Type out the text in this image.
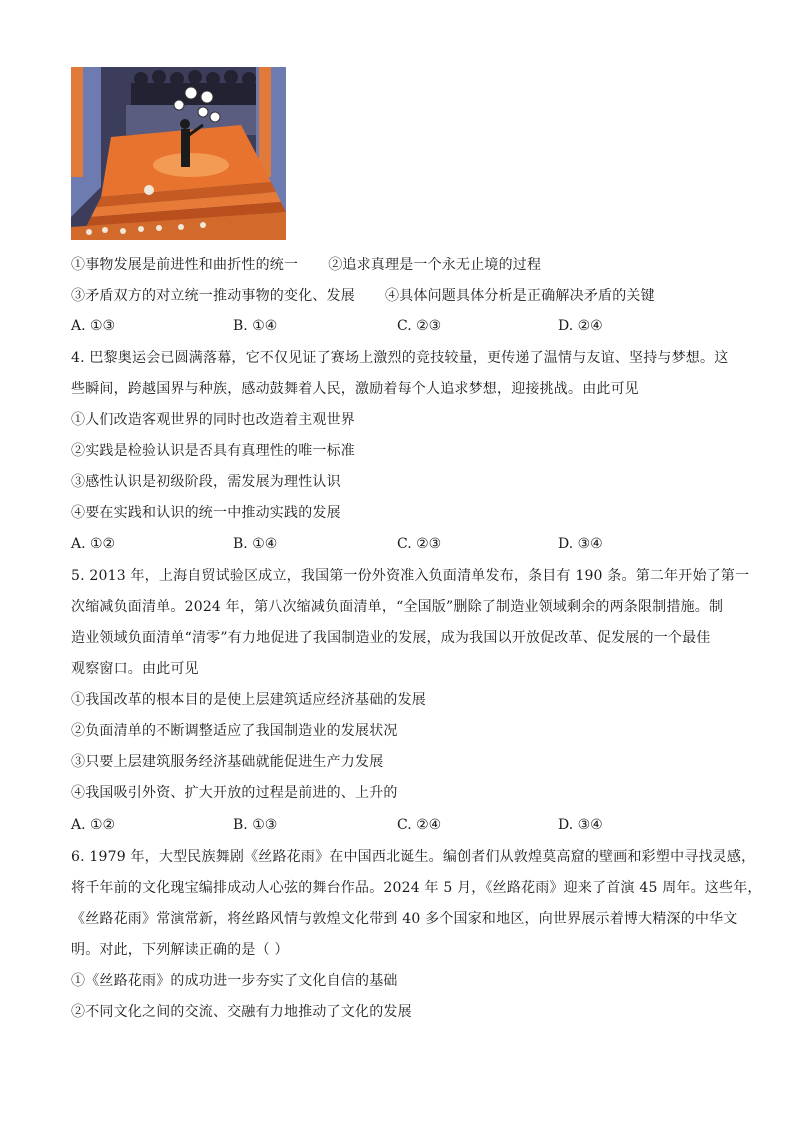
①事物发展是前进性和曲折性的统一 ②追求真理是一个永无止境的过程
③矛盾双方的对立统一推动事物的变化、发展 ④具体问题具体分析是正确解决矛盾的关键
A. ①③	B. ①④	C. ②③	D. ②④
4. 巴黎奥运会已圆满落幕，它不仅见证了赛场上激烈的竞技较量，更传递了温情与友谊、坚持与梦想。这
些瞬间，跨越国界与种族，感动鼓舞着人民，激励着每个人追求梦想，迎接挑战。由此可见
①人们改造客观世界的同时也改造着主观世界
②实践是检验认识是否具有真理性的唯一标准
③感性认识是初级阶段，需发展为理性认识
④要在实践和认识的统一中推动实践的发展
A. ①②	B. ①④	C. ②③	D. ③④
5. 2013 年，上海自贸试验区成立，我国第一份外资准入负面清单发布，条目有 190 条。第二年开始了第一
次缩减负面清单。2024 年，第八次缩减负面清单，“全国版”删除了制造业领域剩余的两条限制措施。制
造业领域负面清单“清零”有力地促进了我国制造业的发展，成为我国以开放促改革、促发展的一个最佳
观察窗口。由此可见
①我国改革的根本目的是使上层建筑适应经济基础的发展
②负面清单的不断调整适应了我国制造业的发展状况
③只要上层建筑服务经济基础就能促进生产力发展
④我国吸引外资、扩大开放的过程是前进的、上升的
A. ①②	B. ①③	C. ②④	D. ③④
6. 1979 年，大型民族舞剧《丝路花雨》在中国西北诞生。编创者们从敦煌莫高窟的壁画和彩塑中寻找灵感，
将千年前的文化瑰宝编排成动人心弦的舞台作品。2024 年 5 月，《丝路花雨》迎来了首演 45 周年。这些年，
《丝路花雨》常演常新，将丝路风情与敦煌文化带到 40 多个国家和地区，向世界展示着博大精深的中华文
明。对此，下列解读正确的是（ ）
①《丝路花雨》的成功进一步夯实了文化自信的基础
②不同文化之间的交流、交融有力地推动了文化的发展
